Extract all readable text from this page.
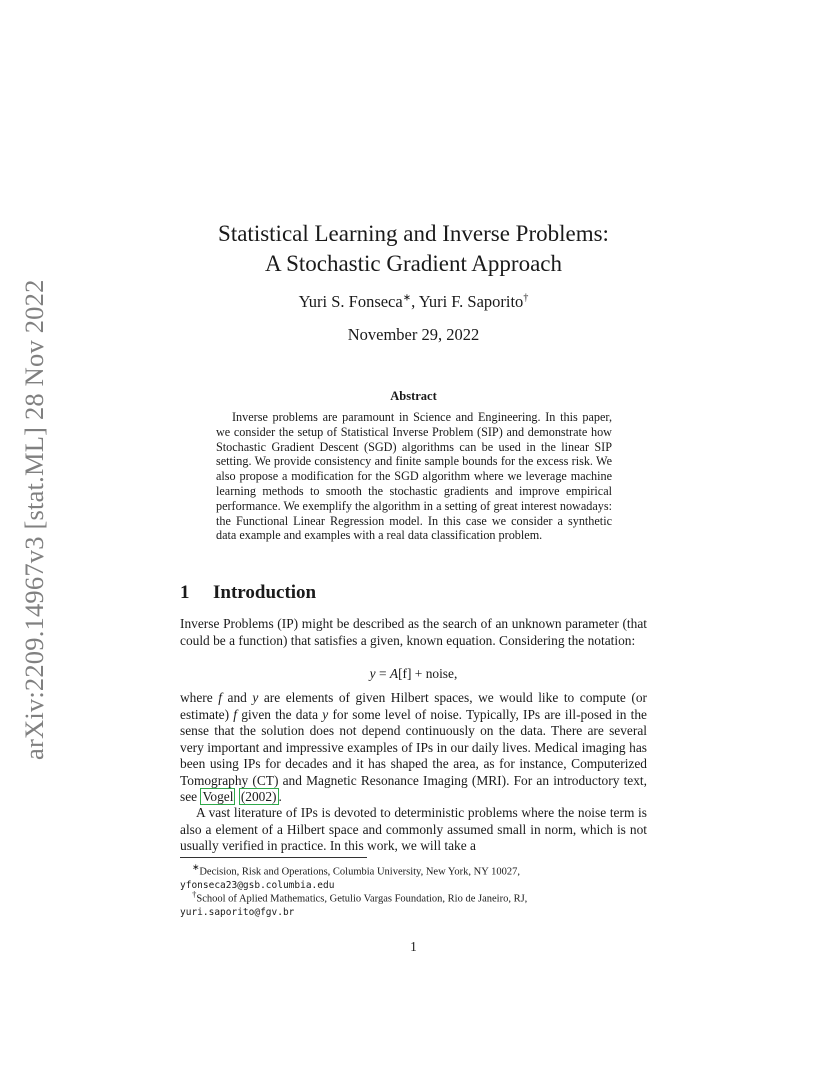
arXiv:2209.14967v3 [stat.ML] 28 Nov 2022
Statistical Learning and Inverse Problems:
A Stochastic Gradient Approach
Yuri S. Fonseca∗, Yuri F. Saporito†
November 29, 2022
Abstract
Inverse problems are paramount in Science and Engineering. In this paper, we consider the setup of Statistical Inverse Problem (SIP) and demonstrate how Stochastic Gradient Descent (SGD) algorithms can be used in the linear SIP setting. We provide consistency and finite sample bounds for the excess risk. We also propose a modification for the SGD algorithm where we leverage machine learning methods to smooth the stochastic gradients and improve empirical performance. We exemplify the algorithm in a setting of great interest nowadays: the Functional Linear Regression model. In this case we consider a synthetic data example and examples with a real data classification problem.
1 Introduction
Inverse Problems (IP) might be described as the search of an unknown parameter (that could be a function) that satisfies a given, known equation. Considering the notation:
y = A[f] + noise,
where f and y are elements of given Hilbert spaces, we would like to compute (or estimate) f given the data y for some level of noise. Typically, IPs are ill-posed in the sense that the solution does not depend continuously on the data. There are several very important and impressive examples of IPs in our daily lives. Medical imaging has been using IPs for decades and it has shaped the area, as for instance, Computerized Tomography (CT) and Magnetic Resonance Imaging (MRI). For an introductory text, see Vogel (2002) .
A vast literature of IPs is devoted to deterministic problems where the noise term is also a element of a Hilbert space and commonly assumed small in norm, which is not usually verified in practice. In this work, we will take a
∗Decision, Risk and Operations, Columbia University, New York, NY 10027,
yfonseca23@gsb.columbia.edu
†School of Aplied Mathematics, Getulio Vargas Foundation, Rio de Janeiro, RJ,
yuri.saporito@fgv.br
1
